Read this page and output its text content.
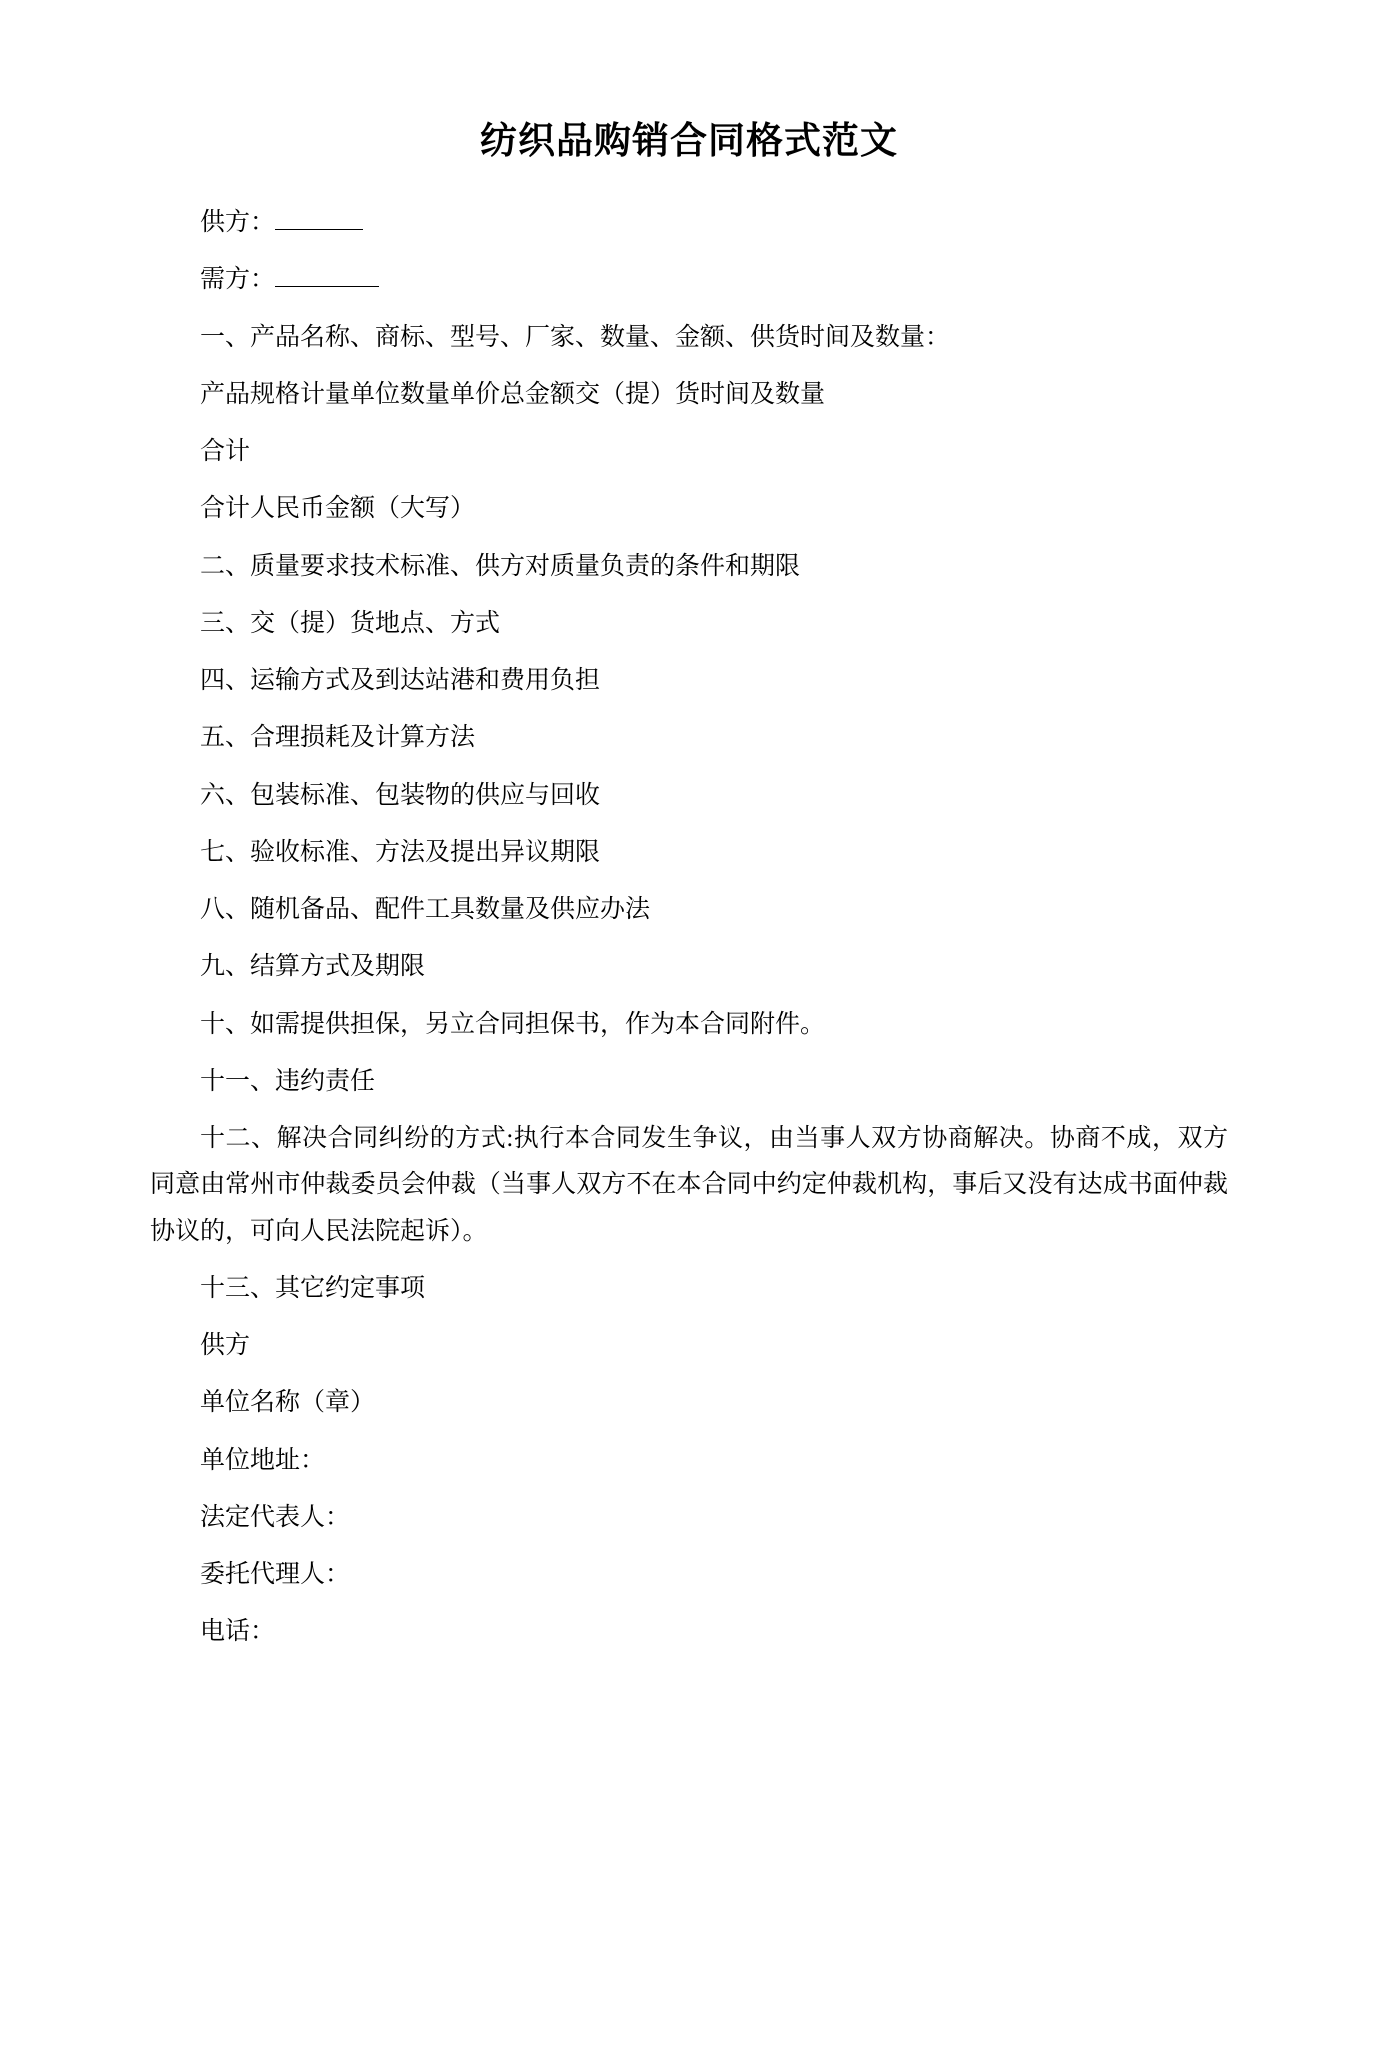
纺织品购销合同格式范文

供方：

需方：

一、产品名称、商标、型号、厂家、数量、金额、供货时间及数量：

产品规格计量单位数量单价总金额交（提）货时间及数量

合计

合计人民币金额（大写）

二、质量要求技术标准、供方对质量负责的条件和期限

三、交（提）货地点、方式

四、运输方式及到达站港和费用负担

五、合理损耗及计算方法

六、包装标准、包装物的供应与回收

七、验收标准、方法及提出异议期限

八、随机备品、配件工具数量及供应办法

九、结算方式及期限

十、如需提供担保，另立合同担保书，作为本合同附件。

十一、违约责任

十二、解决合同纠纷的方式:执行本合同发生争议，由当事人双方协商解决。协商不成，双方同意由常州市仲裁委员会仲裁（当事人双方不在本合同中约定仲裁机构，事后又没有达成书面仲裁协议的，可向人民法院起诉）。

十三、其它约定事项

供方

单位名称（章）

单位地址：

法定代表人：

委托代理人：

电话：
